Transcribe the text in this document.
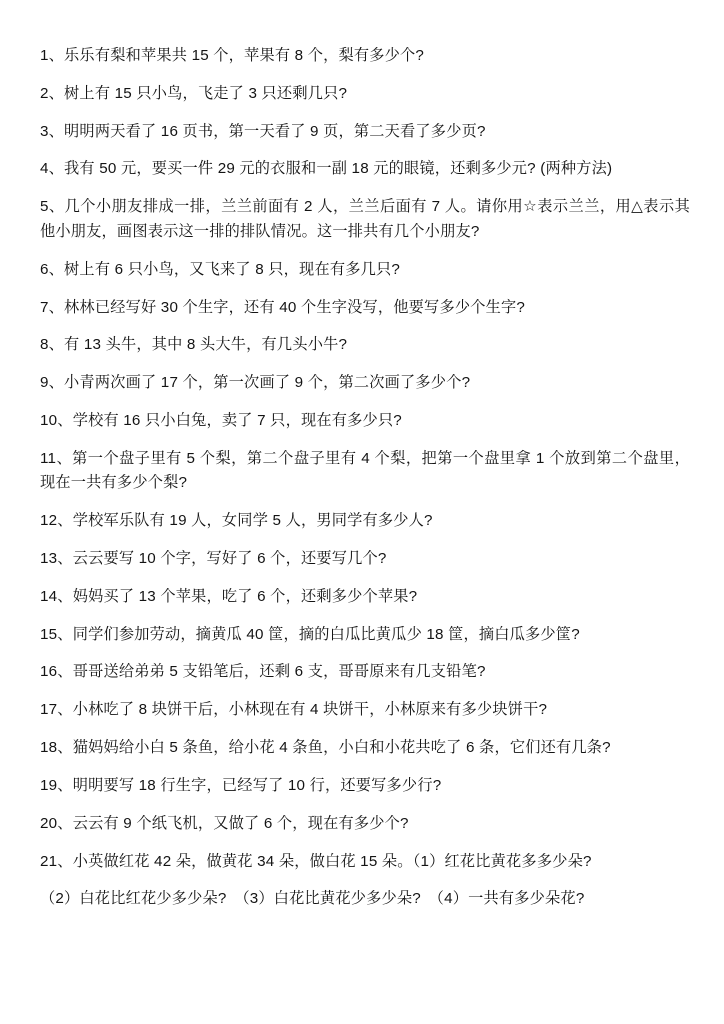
1、乐乐有梨和苹果共 15 个，苹果有 8 个，梨有多少个?
2、树上有 15 只小鸟，飞走了 3 只还剩几只?
3、明明两天看了 16 页书，第一天看了 9 页，第二天看了多少页?
4、我有 50 元，要买一件 29 元的衣服和一副 18 元的眼镜，还剩多少元? (两种方法)
5、几个小朋友排成一排，兰兰前面有 2 人，兰兰后面有 7 人。请你用☆表示兰兰，用△表示其他小朋友，画图表示这一排的排队情况。这一排共有几个小朋友?
6、树上有 6 只小鸟，又飞来了 8 只，现在有多几只?
7、林林已经写好 30 个生字，还有 40 个生字没写，他要写多少个生字?
8、有 13 头牛，其中 8 头大牛，有几头小牛?
9、小青两次画了 17 个，第一次画了 9 个，第二次画了多少个?
10、学校有 16 只小白兔，卖了 7 只，现在有多少只?
11、第一个盘子里有 5 个梨，第二个盘子里有 4 个梨，把第一个盘里拿 1 个放到第二个盘里，现在一共有多少个梨?
12、学校军乐队有 19 人，女同学 5 人，男同学有多少人?
13、云云要写 10 个字，写好了 6 个，还要写几个?
14、妈妈买了 13 个苹果，吃了 6 个，还剩多少个苹果?
15、同学们参加劳动，摘黄瓜 40 筐，摘的白瓜比黄瓜少 18 筐，摘白瓜多少筐?
16、哥哥送给弟弟 5 支铅笔后，还剩 6 支，哥哥原来有几支铅笔?
17、小林吃了 8 块饼干后，小林现在有 4 块饼干，小林原来有多少块饼干?
18、猫妈妈给小白 5 条鱼，给小花 4 条鱼，小白和小花共吃了 6 条，它们还有几条?
19、明明要写 18 行生字，已经写了 10 行，还要写多少行?
20、云云有 9 个纸飞机，又做了 6 个，现在有多少个?
21、小英做红花 42 朵，做黄花 34 朵，做白花 15 朵。（1）红花比黄花多多少朵?
（2）白花比红花少多少朵?　（3）白花比黄花少多少朵?　（4）一共有多少朵花?
